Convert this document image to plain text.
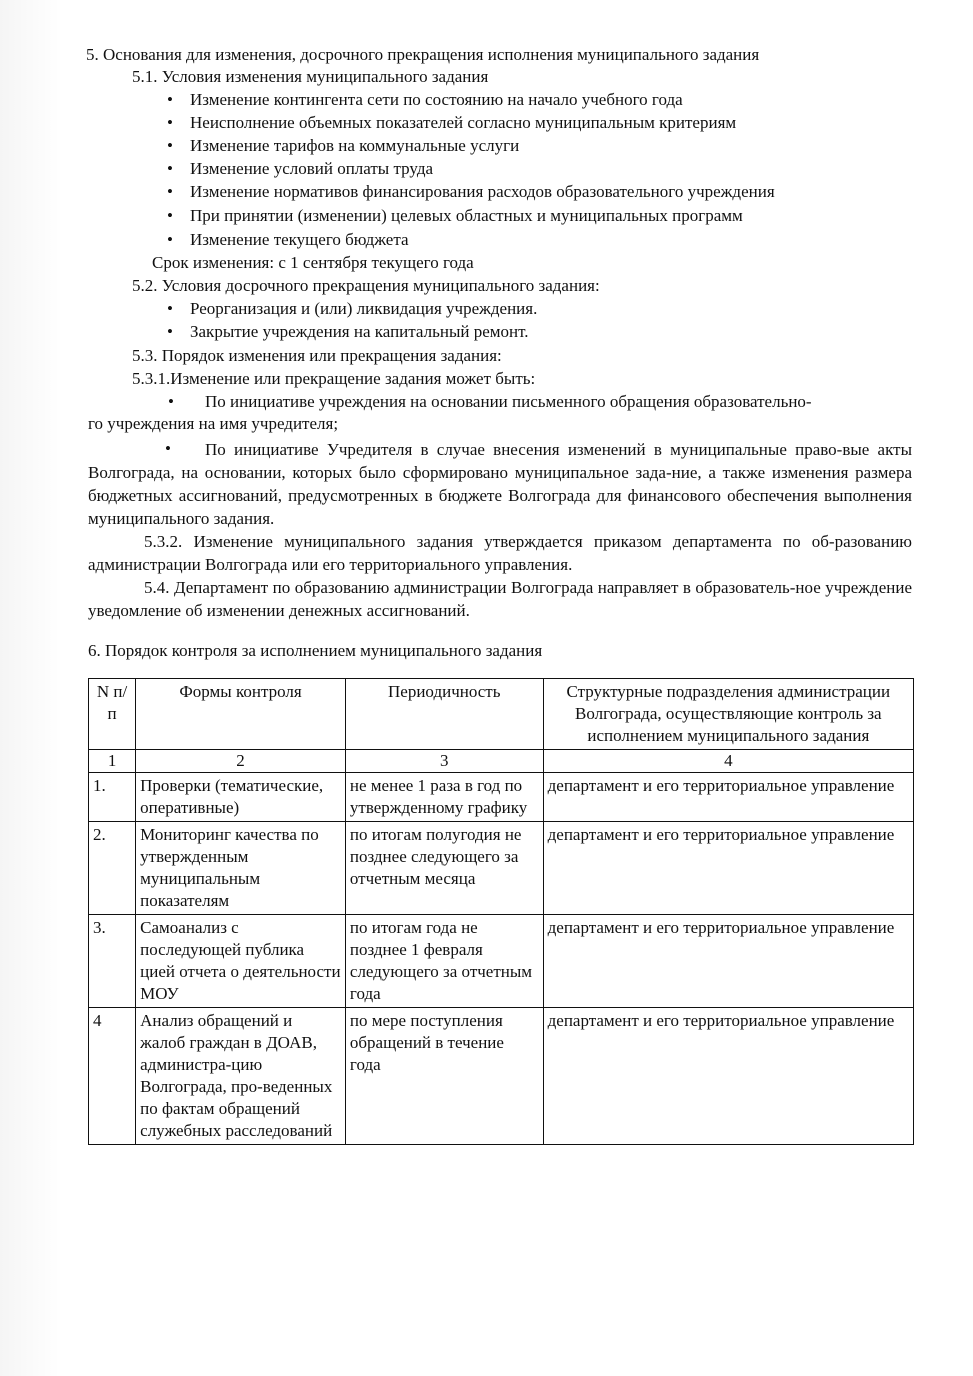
5. Основания для изменения, досрочного прекращения исполнения муниципального задания
5.1. Условия изменения муниципального задания
• Изменение контингента сети по состоянию на начало учебного года
• Неисполнение объемных показателей согласно муниципальным критериям
• Изменение тарифов на коммунальные услуги
• Изменение условий оплаты труда
• Изменение нормативов финансирования расходов образовательного учреждения
• При принятии (изменении) целевых областных и муниципальных программ
• Изменение текущего бюджета
Срок изменения: с 1 сентября текущего года
5.2. Условия досрочного прекращения муниципального задания:
• Реорганизация и (или) ликвидация учреждения.
• Закрытие учреждения на капитальный ремонт.
5.3. Порядок изменения или прекращения задания:
5.3.1.Изменение или прекращение задания может быть:
• По инициативе учреждения на основании письменного обращения образовательно-
го учреждения на имя учредителя;
•	По инициативе Учредителя в случае внесения изменений в муниципальные право-вые акты Волгограда, на основании, которых было сформировано муниципальное зада-ние, а также изменения размера бюджетных ассигнований, предусмотренных в бюджете Волгограда для финансового обеспечения выполнения муниципального задания.
5.3.2. Изменение муниципального задания утверждается приказом департамента по об-разованию администрации Волгограда или его территориального управления.
5.4. Департамент по образованию администрации Волгограда направляет в образователь-ное учреждение уведомление об изменении денежных ассигнований.
6. Порядок контроля за исполнением муниципального задания
N п/п	Формы контроля	Периодичность	Структурные подразделения администрации Волгограда, осуществляющие контроль за исполнением муниципального задания
1	2	3	4
1.	Проверки (тематические, оперативные)	не менее 1 раза в год по утвержденному графику	департамент и его территориальное управление
2.	Мониторинг качества по утвержденным муниципальным показателям	по итогам полугодия не позднее следующего за отчетным месяца	департамент и его территориальное управление
3.	Самоанализ с последующей публика цией отчета о деятельности МОУ	по итогам года не позднее 1 февраля следующего за отчетным года	департамент и его территориальное управление
4	Анализ обращений и жалоб граждан в ДОАВ, администра-цию Волгограда, про-веденных по фактам обращений служебных расследований	по мере поступления обращений в течение года	департамент и его территориальное управление
